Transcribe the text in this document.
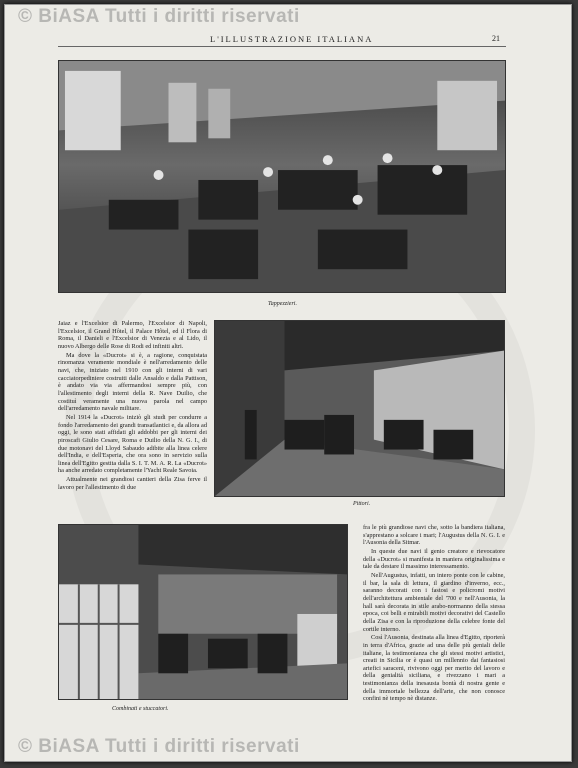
© BiASA Tutti i diritti riservati
L'ILLUSTRAZIONE ITALIANA	21
Tappezzieri.
Pittori.
Combinati e stuccatori.

Jaiaz e l'Excelsior di Palermo, l'Excelsior di Napoli, l'Excelsior, il Grand Hôtel, il Palace Hôtel, ed il Flora di Roma, il Danieli e l'Excelsior di Venezia e al Lido, il nuovo Albergo delle Rose di Rodi ed infiniti altri.

Ma dove la «Ducrot» si è, a ragione, conquistata rinomanza veramente mondiale è nell'arredamento delle navi, che, iniziato nel 1910 con gli interni di vari cacciatorpediniere costruiti dalle Ansaldo e dalla Pattison, è andato via via affermandosi sempre più, con l'allestimento degli interni della R. Nave Duilio, che costituì veramente una nuova parola nel campo dell'arredamento navale militare.

Nel 1914 la «Ducrot» iniziò gli studi per condurre a fondo l'arredamento dei grandi transatlantici e, da allora ad oggi, le sono stati affidati gli addobbi per gli interni dei piroscafi Giulio Cesare, Roma e Duilio della N. G. I., di due motonavi del Lloyd Sabaudo adibite alla linea celere dell'India, e dell'Esperia, che ora sono in servizio sulla linea dell'Egitto gestita dalla S. I. T. M. A. R. La «Ducrot» ha anche arredato completamente l'Yacht Reale Savoia.

Attualmente nei grandiosi cantieri della Zisa ferve il lavoro per l'allestimento di due

fra le più grandiose navi che, sotto la bandiera italiana, s'apprestano a solcare i mari; l'Augustus della N. G. I. e l'Ausonia della Sitmar.

In queste due navi il genio creatore e rievocatore della «Ducrot» si manifesta in maniera originalissima e tale da destare il massimo interessamento.

Nell'Augustus, infatti, un intero ponte con le cabine, il bar, la sala di lettura, il giardino d'inverno, ecc., saranno decorati con i fastosi e policromi motivi dell'architettura ambientale del '700 e nell'Ausonia, la hall sarà decorata in stile arabo-normanno della stessa epoca, coi belli e mirabili motivi decorativi del Castello della Zisa e con la riproduzione della celebre fonte del cortile interno.

Così l'Ausonia, destinata alla linea d'Egitto, riporterà in terra d'Africa, grazie ad una delle più geniali delle italiane, la testimonianza che gli stessi motivi artistici, creati in Sicilia or è quasi un millennio dai fantasiosi artefici saraceni, rivivono oggi per merito del lavoro e della genialità siciliana, e rivezzano i mari a testimonianza della inesausta bontà di nostra gente e della immortale bellezza dell'arte, che non conosce confini nè tempo nè distanze.

© BiASA Tutti i diritti riservati
